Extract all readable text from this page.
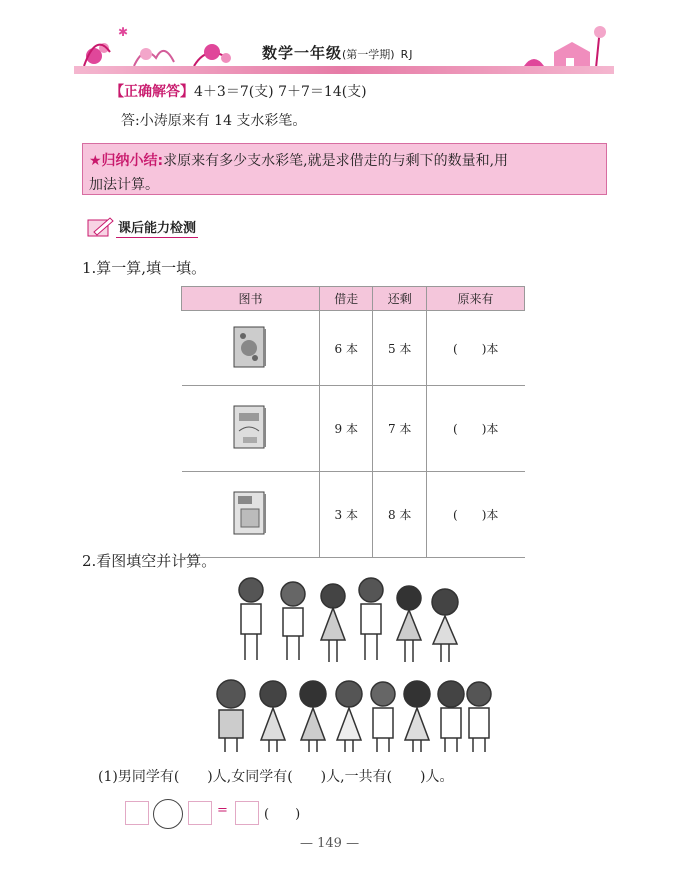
✱
数学一年级(第一学期) RJ
【正确解答】4＋3＝7(支) 7＋7＝14(支)
答:小涛原来有 14 支水彩笔。
★归纳小结:求原来有多少支水彩笔,就是求借走的与剩下的数量和,用
加法计算。
课后能力检测
1.算一算,填一填。
图书	借走	还剩	原来有
	6 本	5 本	(　　)本
	9 本	7 本	(　　)本
	3 本	8 本	(　　)本
2.看图填空并计算。
(1)男同学有(　　)人,女同学有(　　)人,一共有(　　)人。
=	(　　)
— 149 —
